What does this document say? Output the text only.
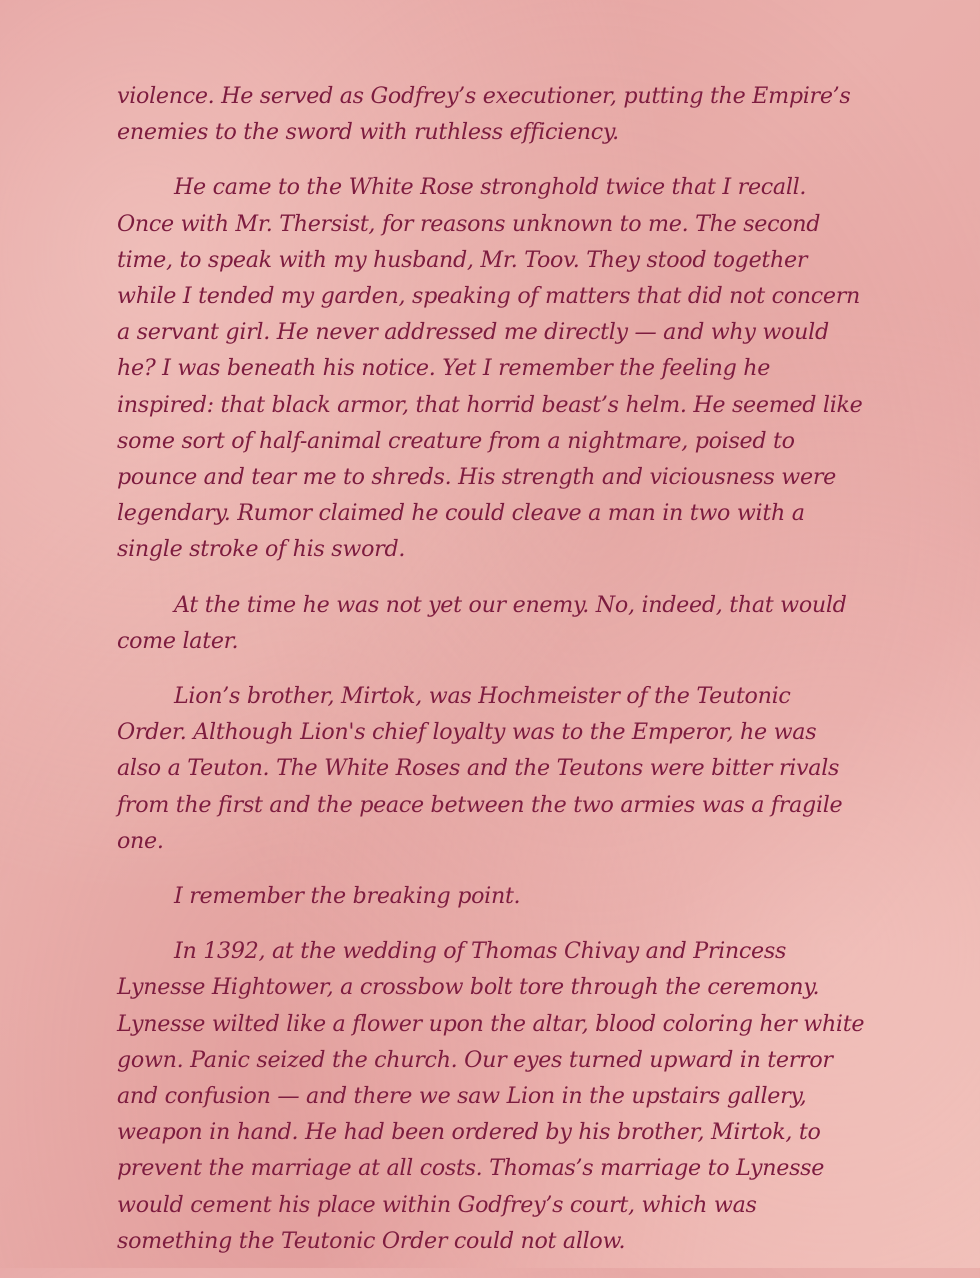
violence. He served as Godfrey’s executioner, putting the Empire’s enemies to the sword with ruthless efficiency.

He came to the White Rose stronghold twice that I recall. Once with Mr. Thersist, for reasons unknown to me. The second time, to speak with my husband, Mr. Toov. They stood together while I tended my garden, speaking of matters that did not concern a servant girl. He never addressed me directly — and why would he? I was beneath his notice. Yet I remember the feeling he inspired: that black armor, that horrid beast’s helm. He seemed like some sort of half-animal creature from a nightmare, poised to pounce and tear me to shreds. His strength and viciousness were legendary. Rumor claimed he could cleave a man in two with a single stroke of his sword.

At the time he was not yet our enemy. No, indeed, that would come later.

Lion’s brother, Mirtok, was Hochmeister of the Teutonic Order. Although Lion's chief loyalty was to the Emperor, he was also a Teuton. The White Roses and the Teutons were bitter rivals from the first and the peace between the two armies was a fragile one.

I remember the breaking point.

In 1392, at the wedding of Thomas Chivay and Princess Lynesse Hightower, a crossbow bolt tore through the ceremony. Lynesse wilted like a flower upon the altar, blood coloring her white gown. Panic seized the church. Our eyes turned upward in terror and confusion — and there we saw Lion in the upstairs gallery, weapon in hand. He had been ordered by his brother, Mirtok, to prevent the marriage at all costs. Thomas’s marriage to Lynesse would cement his place within Godfrey’s court, which was something the Teutonic Order could not allow.
